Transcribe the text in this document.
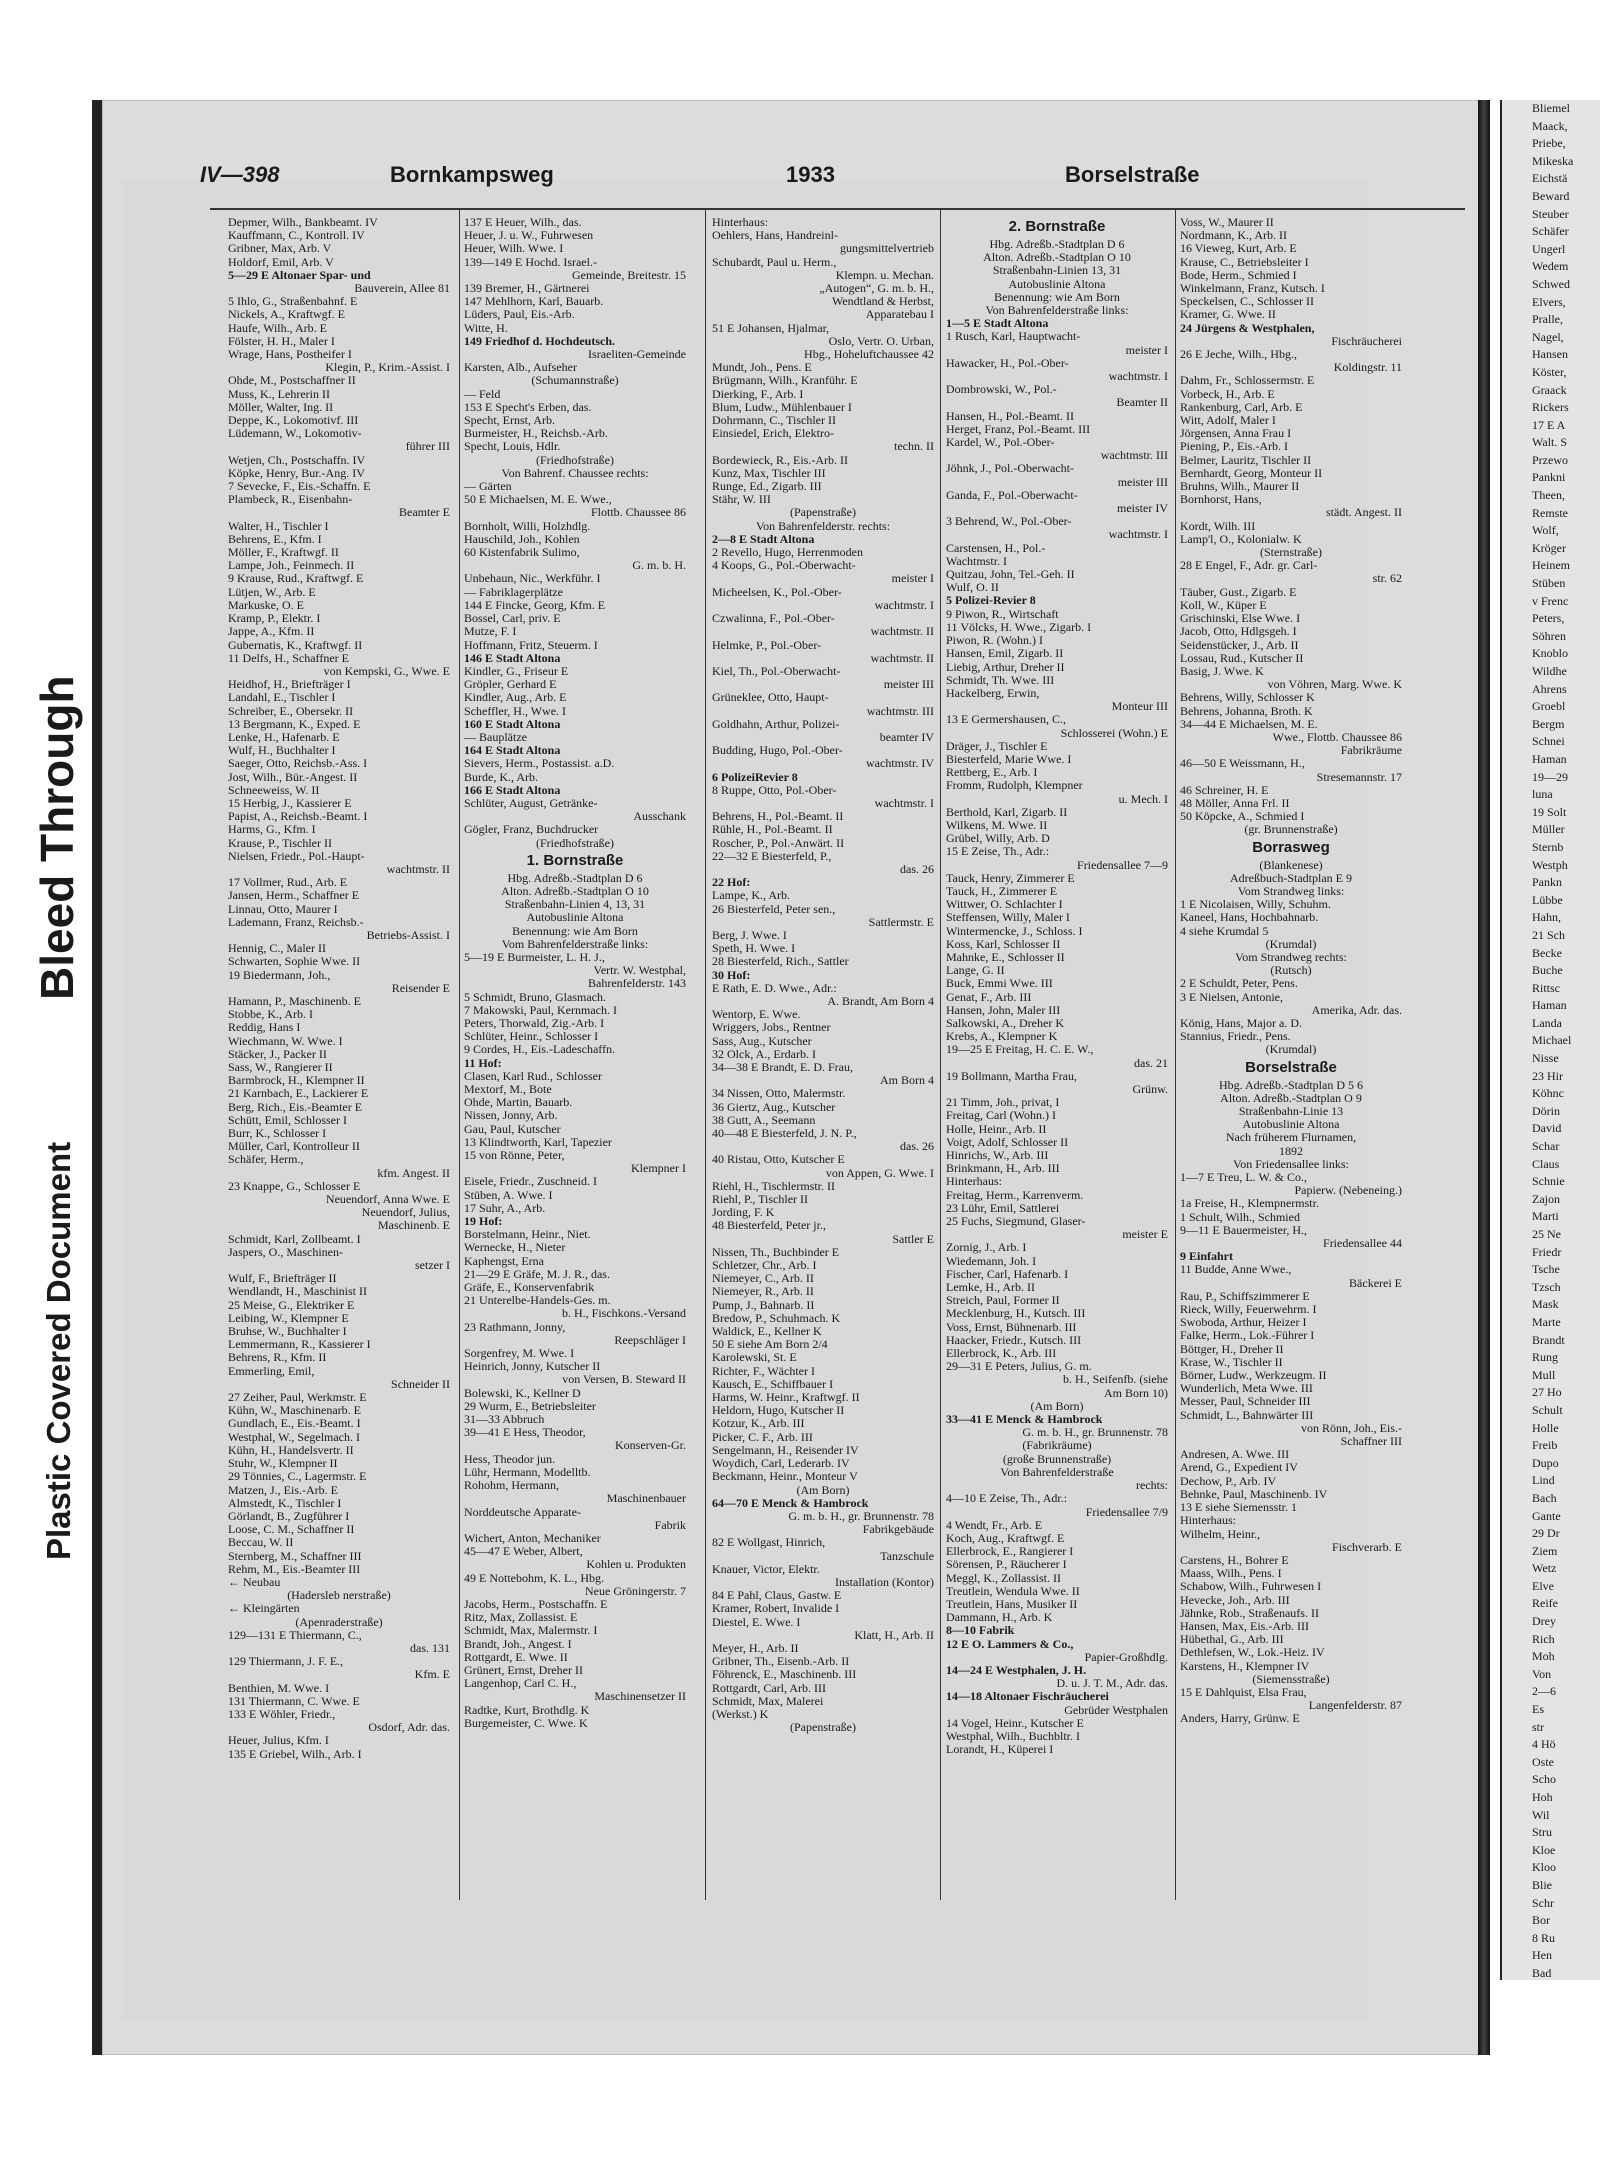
Plastic Covered Document
Bleed Through
Bliemel
Maack,
Priebe,
Mikeska
Eichstä
Beward
Steuber
Schäfer
Ungerl
Wedem
Schwed
Elvers,
Pralle,
Nagel,
Hansen
Köster,
Graack
Rickers
17 E A
Walt. S
Przewo
Pankni
Theen,
Remste
Wolf,
Kröger
Heinem
Stüben
v Frenc
Peters,
Söhren
Knoblo
Wildhe
Ahrens
Groebl
Bergm
Schnei
Haman
19—29
luna
19 Solt
Müller
Sternb
Westph
Pankn
Lübbe
Hahn,
21 Sch
Becke
Buche
Rittsc
Haman
Landa
Michael
Nisse
23 Hir
Köhnc
Dörin
David
Schar
Claus
Schnie
Zajon
Marti
25 Ne
Friedr
Tsche
Tzsch
Mask
Marte
Brandt
Rung
Mull
27 Ho
Schult
Holle
Freib
Dupo
Lind
Bach
Gante
29 Dr
Ziem
Wetz
Elve
Reife
Drey
Rich
Moh
Von
2—6
Es
str
4 Hö
Oste
Scho
Hoh
Wil
Stru
Kloe
Kloo
Blie
Schr
Bor
8 Ru
Hen
Bad
IV—398	Bornkampsweg	1933	Borselstraße
Depmer, Wilh., Bankbeamt. IV
Kauffmann, C., Kontroll. IV
Gribner, Max, Arb. V
Holdorf, Emil, Arb. V
5—29 E Altonaer Spar- und
Bauverein, Allee 81
5 Ihlo, G., Straßenbahnf. E
Nickels, A., Kraftwgf. E
Haufe, Wilh., Arb. E
Fölster, H. H., Maler I
Wrage, Hans, Postheifer I
Klegin, P., Krim.-Assist. I
Ohde, M., Postschaffner II
Muss, K., Lehrerin II
Möller, Walter, Ing. II
Deppe, K., Lokomotivf. III
Lüdemann, W., Lokomotiv-
führer III
Wetjen, Ch., Postschaffn. IV
Köpke, Henry, Bur.-Ang. IV
7 Sevecke, F., Eis.-Schaffn. E
Plambeck, R., Eisenbahn-
Beamter E
Walter, H., Tischler I
Behrens, E., Kfm. I
Möller, F., Kraftwgf. II
Lampe, Joh., Feinmech. II
9 Krause, Rud., Kraftwgf. E
Lütjen, W., Arb. E
Markuske, O. E
Kramp, P., Elektr. I
Jappe, A., Kfm. II
Gubernatis, K., Kraftwgf. II
11 Delfs, H., Schaffner E
von Kempski, G., Wwe. E
Heidhof, H., Briefträger I
Landahl, E., Tischler I
Schreiber, E., Obersekr. II
13 Bergmann, K., Exped. E
Lenke, H., Hafenarb. E
Wulf, H., Buchhalter I
Saeger, Otto, Reichsb.-Ass. I
Jost, Wilh., Bür.-Angest. II
Schneeweiss, W. II
15 Herbig, J., Kassierer E
Papist, A., Reichsb.-Beamt. I
Harms, G., Kfm. I
Krause, P., Tischler II
Nielsen, Friedr., Pol.-Haupt-
wachtmstr. II
17 Vollmer, Rud., Arb. E
Jansen, Herm., Schaffner E
Linnau, Otto, Maurer I
Lademann, Franz, Reichsb.-
Betriebs-Assist. I
Hennig, C., Maler II
Schwarten, Sophie Wwe. II
19 Biedermann, Joh.,
Reisender E
Hamann, P., Maschinenb. E
Stobbe, K., Arb. I
Reddig, Hans I
Wiechmann, W. Wwe. I
Stäcker, J., Packer II
Sass, W., Rangierer II
Barmbrock, H., Klempner II
21 Karnbach, E., Lackierer E
Berg, Rich., Eis.-Beamter E
Schütt, Emil, Schlosser I
Burr, K., Schlosser I
Müller, Carl, Kontrolleur II
Schäfer, Herm.,
kfm. Angest. II
23 Knappe, G., Schlosser E
Neuendorf, Anna Wwe. E
Neuendorf, Julius,
Maschinenb. E
Schmidt, Karl, Zollbeamt. I
Jaspers, O., Maschinen-
setzer I
Wulf, F., Briefträger II
Wendlandt, H., Maschinist II
25 Meise, G., Elektriker E
Leibing, W., Klempner E
Bruhse, W., Buchhalter I
Lemmermann, R., Kassierer I
Behrens, R., Kfm. II
Emmerling, Emil,
Schneider II
27 Zeiher, Paul, Werkmstr. E
Kühn, W., Maschinenarb. E
Gundlach, E., Eis.-Beamt. I
Westphal, W., Segelmach. I
Kühn, H., Handelsvertr. II
Stuhr, W., Klempner II
29 Tönnies, C., Lagermstr. E
Matzen, J., Eis.-Arb. E
Almstedt, K., Tischler I
Görlandt, B., Zugführer I
Loose, C. M., Schaffner II
Beccau, W. II
Sternberg, M., Schaffner III
Rehm, M., Eis.-Beamter III
← Neubau
(Hadersleb nerstraße)
← Kleingärten
(Apenraderstraße)
129—131 E Thiermann, C.,
das. 131
129 Thiermann, J. F. E.,
Kfm. E
Benthien, M. Wwe. I
131 Thiermann, C. Wwe. E
133 E Wöhler, Friedr.,
Osdorf, Adr. das.
Heuer, Julius, Kfm. I
135 E Griebel, Wilh., Arb. I
137 E Heuer, Wilh., das.
Heuer, J. u. W., Fuhrwesen
Heuer, Wilh. Wwe. I
139—149 E Hochd. Israel.-
Gemeinde, Breitestr. 15
139 Bremer, H., Gärtnerei
147 Mehlhorn, Karl, Bauarb.
Lüders, Paul, Eis.-Arb.
Witte, H.
149 Friedhof d. Hochdeutsch.
Israeliten-Gemeinde
Karsten, Alb., Aufseher
(Schumannstraße)
— Feld
153 E Specht's Erben, das.
Specht, Ernst, Arb.
Burmeister, H., Reichsb.-Arb.
Specht, Louis, Hdlr.
(Friedhofstraße)
Von Bahrenf. Chaussee rechts:
— Gärten
50 E Michaelsen, M. E. Wwe.,
Flottb. Chaussee 86
Bornholt, Willi, Holzhdlg.
Hauschild, Joh., Kohlen
60 Kistenfabrik Sulimo,
G. m. b. H.
Unbehaun, Nic., Werkführ. I
— Fabriklagerplätze
144 E Fincke, Georg, Kfm. E
Bossel, Carl, priv. E
Mutze, F. I
Hoffmann, Fritz, Steuerm. I
146 E Stadt Altona
Kindler, G., Friseur E
Gröpler, Gerhard E
Kindler, Aug., Arb. E
Scheffler, H., Wwe. I
160 E Stadt Altona
— Bauplätze
164 E Stadt Altona
Sievers, Herm., Postassist. a.D.
Burde, K., Arb.
166 E Stadt Altona
Schlüter, August, Getränke-
Ausschank
Gögler, Franz, Buchdrucker
(Friedhofstraße)
1. Bornstraße
Hbg. Adreßb.-Stadtplan D 6
Alton. Adreßb.-Stadtplan O 10
Straßenbahn-Linien 4, 13, 31
Autobuslinie Altona
Benennung: wie Am Born
Vom Bahrenfelderstraße links:
5—19 E Burmeister, L. H. J.,
Vertr. W. Westphal,
Bahrenfelderstr. 143
5 Schmidt, Bruno, Glasmach.
7 Makowski, Paul, Kernmach. I
Peters, Thorwald, Zig.-Arb. I
Schlüter, Heinr., Schlosser I
9 Cordes, H., Eis.-Ladeschaffn.
11 Hof:
Clasen, Karl Rud., Schlosser
Mextorf, M., Bote
Ohde, Martin, Bauarb.
Nissen, Jonny, Arb.
Gau, Paul, Kutscher
13 Klindtworth, Karl, Tapezier
15 von Rönne, Peter,
Klempner I
Eisele, Friedr., Zuschneid. I
Stüben, A. Wwe. I
17 Suhr, A., Arb.
19 Hof:
Borstelmann, Heinr., Niet.
Wernecke, H., Nieter
Kaphengst, Erna
21—29 E Gräfe, M. J. R., das.
Gräfe, E., Konservenfabrik
21 Unterelbe-Handels-Ges. m.
b. H., Fischkons.-Versand
23 Rathmann, Jonny,
Reepschläger I
Sorgenfrey, M. Wwe. I
Heinrich, Jonny, Kutscher II
von Versen, B. Steward II
Bolewski, K., Kellner D
29 Wurm, E., Betriebsleiter
31—33 Abbruch
39—41 E Hess, Theodor,
Konserven-Gr.
Hess, Theodor jun.
Lühr, Hermann, Modelltb.
Rohohm, Hermann,
Maschinenbauer
Norddeutsche Apparate-
Fabrik
Wichert, Anton, Mechaniker
45—47 E Weber, Albert,
Kohlen u. Produkten
49 E Nottebohm, K. L., Hbg.
Neue Gröningerstr. 7
Jacobs, Herm., Postschaffn. E
Ritz, Max, Zollassist. E
Schmidt, Max, Malermstr. I
Brandt, Joh., Angest. I
Rottgardt, E. Wwe. II
Grünert, Ernst, Dreher II
Langenhop, Carl C. H.,
Maschinensetzer II
Radtke, Kurt, Brothdlg. K
Burgemeister, C. Wwe. K
Hinterhaus:
Oehlers, Hans, Handreinl-
gungsmittelvertrieb
Schubardt, Paul u. Herm.,
Klempn. u. Mechan.
„Autogen“, G. m. b. H.,
Wendtland & Herbst,
Apparatebau I
51 E Johansen, Hjalmar,
Oslo, Vertr. O. Urban,
Hbg., Hoheluftchaussee 42
Mundt, Joh., Pens. E
Brügmann, Wilh., Kranführ. E
Dierking, F., Arb. I
Blum, Ludw., Mühlenbauer I
Dohrmann, C., Tischler II
Einsiedel, Erich, Elektro-
techn. II
Bordewieck, R., Eis.-Arb. II
Kunz, Max, Tischler III
Runge, Ed., Zigarb. III
Stähr, W. III
(Papenstraße)
Von Bahrenfelderstr. rechts:
2—8 E Stadt Altona
2 Revello, Hugo, Herrenmoden
4 Koops, G., Pol.-Oberwacht-
meister I
Micheelsen, K., Pol.-Ober-
wachtmstr. I
Czwalinna, F., Pol.-Ober-
wachtmstr. II
Helmke, P., Pol.-Ober-
wachtmstr. II
Kiel, Th., Pol.-Oberwacht-
meister III
Grüneklee, Otto, Haupt-
wachtmstr. III
Goldhahn, Arthur, Polizei-
beamter IV
Budding, Hugo, Pol.-Ober-
wachtmstr. IV
6 PolizeiRevier 8
8 Ruppe, Otto, Pol.-Ober-
wachtmstr. I
Behrens, H., Pol.-Beamt. II
Rühle, H., Pol.-Beamt. II
Roscher, P., Pol.-Anwärt. II
22—32 E Biesterfeld, P.,
das. 26
22 Hof:
Lampe, K., Arb.
26 Biesterfeld, Peter sen.,
Sattlermstr. E
Berg, J. Wwe. I
Speth, H. Wwe. I
28 Biesterfeld, Rich., Sattler
30 Hof:
E Rath, E. D. Wwe., Adr.:
A. Brandt, Am Born 4
Wentorp, E. Wwe.
Wriggers, Jobs., Rentner
Sass, Aug., Kutscher
32 Olck, A., Erdarb. I
34—38 E Brandt, E. D. Frau,
Am Born 4
34 Nissen, Otto, Malermstr.
36 Giertz, Aug., Kutscher
38 Gutt, A., Seemann
40—48 E Biesterfeld, J. N. P.,
das. 26
40 Ristau, Otto, Kutscher E
von Appen, G. Wwe. I
Riehl, H., Tischlermstr. II
Riehl, P., Tischler II
Jording, F. K
48 Biesterfeld, Peter jr.,
Sattler E
Nissen, Th., Buchbinder E
Schletzer, Chr., Arb. I
Niemeyer, C., Arb. II
Niemeyer, R., Arb. II
Pump, J., Bahnarb. II
Bredow, P., Schuhmach. K
Waldick, E., Kellner K
50 E siehe Am Born 2/4
Karolewski, St. E
Richter, F., Wächter I
Kausch, E., Schiffbauer I
Harms, W. Heinr., Kraftwgf. II
Heldorn, Hugo, Kutscher II
Kotzur, K., Arb. III
Picker, C. F., Arb. III
Sengelmann, H., Reisender IV
Woydich, Carl, Lederarb. IV
Beckmann, Heinr., Monteur V
(Am Born)
64—70 E Menck & Hambrock
G. m. b. H., gr. Brunnenstr. 78
Fabrikgebäude
82 E Wollgast, Hinrich,
Tanzschule
Knauer, Victor, Elektr.
Installation (Kontor)
84 E Pahl, Claus, Gastw. E
Kramer, Robert, Invalide I
Diestel, E. Wwe. I
Klatt, H., Arb. II
Meyer, H., Arb. II
Gribner, Th., Eisenb.-Arb. II
Föhrenck, E., Maschinenb. III
Rottgardt, Carl, Arb. III
Schmidt, Max, Malerei
(Werkst.) K
(Papenstraße)
2. Bornstraße
Hbg. Adreßb.-Stadtplan D 6
Alton. Adreßb.-Stadtplan O 10
Straßenbahn-Linien 13, 31
Autobuslinie Altona
Benennung: wie Am Born
Von Bahrenfelderstraße links:
1—5 E Stadt Altona
1 Rusch, Karl, Hauptwacht-
meister I
Hawacker, H., Pol.-Ober-
wachtmstr. I
Dombrowski, W., Pol.-
Beamter II
Hansen, H., Pol.-Beamt. II
Herget, Franz, Pol.-Beamt. III
Kardel, W., Pol.-Ober-
wachtmstr. III
Jöhnk, J., Pol.-Oberwacht-
meister III
Ganda, F., Pol.-Oberwacht-
meister IV
3 Behrend, W., Pol.-Ober-
wachtmstr. I
Carstensen, H., Pol.-
Wachtmstr. I
Quitzau, John, Tel.-Geh. II
Wulf, O. II
5 Polizei-Revier 8
9 Piwon, R., Wirtschaft
11 Völcks, H. Wwe., Zigarb. I
Piwon, R. (Wohn.) I
Hansen, Emil, Zigarb. II
Liebig, Arthur, Dreher II
Schmidt, Th. Wwe. III
Hackelberg, Erwin,
Monteur III
13 E Germershausen, C.,
Schlosserei (Wohn.) E
Dräger, J., Tischler E
Biesterfeld, Marie Wwe. I
Rettberg, E., Arb. I
Fromm, Rudolph, Klempner
u. Mech. I
Berthold, Karl, Zigarb. II
Wilkens, M. Wwe. II
Grübel, Willy, Arb. D
15 E Zeise, Th., Adr.:
Friedensallee 7—9
Tauck, Henry, Zimmerer E
Tauck, H., Zimmerer E
Wittwer, O. Schlachter I
Steffensen, Willy, Maler I
Wintermencke, J., Schloss. I
Koss, Karl, Schlosser II
Mahnke, E., Schlosser II
Lange, G. II
Buck, Emmi Wwe. III
Genat, F., Arb. III
Hansen, John, Maler III
Salkowski, A., Dreher K
Krebs, A., Klempner K
19—25 E Freitag, H. C. E. W.,
das. 21
19 Bollmann, Martha Frau,
Grünw.
21 Timm, Joh., privat, I
Freitag, Carl (Wohn.) I
Holle, Heinr., Arb. II
Voigt, Adolf, Schlosser II
Hinrichs, W., Arb. III
Brinkmann, H., Arb. III
Hinterhaus:
Freitag, Herm., Karrenverm.
23 Lühr, Emil, Sattlerei
25 Fuchs, Siegmund, Glaser-
meister E
Zornig, J., Arb. I
Wiedemann, Joh. I
Fischer, Carl, Hafenarb. I
Lemke, H., Arb. II
Streich, Paul, Former II
Mecklenburg, H., Kutsch. III
Voss, Ernst, Bühnenarb. III
Haacker, Friedr., Kutsch. III
Ellerbrock, K., Arb. III
29—31 E Peters, Julius, G. m.
b. H., Seifenfb. (siehe
Am Born 10)
(Am Born)
33—41 E Menck & Hambrock
G. m. b. H., gr. Brunnenstr. 78
(Fabrikräume)
(große Brunnenstraße)
Von Bahrenfelderstraße
rechts:
4—10 E Zeise, Th., Adr.:
Friedensallee 7/9
4 Wendt, Fr., Arb. E
Koch, Aug., Kraftwgf. E
Ellerbrock, E., Rangierer I
Sörensen, P., Räucherer I
Meggl, K., Zollassist. II
Treutlein, Wendula Wwe. II
Treutlein, Hans, Musiker II
Dammann, H., Arb. K
8—10 Fabrik
12 E O. Lammers & Co.,
Papier-Großhdlg.
14—24 E Westphalen, J. H.
D. u. J. T. M., Adr. das.
14—18 Altonaer Fischräucherei
Gebrüder Westphalen
14 Vogel, Heinr., Kutscher E
Westphal, Wilh., Buchbltr. I
Lorandt, H., Küperei I
Voss, W., Maurer II
Nordmann, K., Arb. II
16 Vieweg, Kurt, Arb. E
Krause, C., Betriebsleiter I
Bode, Herm., Schmied I
Winkelmann, Franz, Kutsch. I
Speckelsen, C., Schlosser II
Kramer, G. Wwe. II
24 Jürgens & Westphalen,
Fischräucherei
26 E Jeche, Wilh., Hbg.,
Koldingstr. 11
Dahm, Fr., Schlossermstr. E
Vorbeck, H., Arb. E
Rankenburg, Carl, Arb. E
Witt, Adolf, Maler I
Jörgensen, Anna Frau I
Piening, P., Eis.-Arb. I
Belmer, Lauritz, Tischler II
Bernhardt, Georg, Monteur II
Bruhns, Wilh., Maurer II
Bornhorst, Hans,
städt. Angest. II
Kordt, Wilh. III
Lamp'l, O., Kolonialw. K
(Sternstraße)
28 E Engel, F., Adr. gr. Carl-
str. 62
Täuber, Gust., Zigarb. E
Koll, W., Küper E
Grischinski, Else Wwe. I
Jacob, Otto, Hdlgsgeh. I
Seidenstücker, J., Arb. II
Lossau, Rud., Kutscher II
Basig, J. Wwe. K
von Vöhren, Marg. Wwe. K
Behrens, Willy, Schlosser K
Behrens, Johanna, Broth. K
34—44 E Michaelsen, M. E.
Wwe., Flottb. Chaussee 86
Fabrikräume
46—50 E Weissmann, H.,
Stresemannstr. 17
46 Schreiner, H. E
48 Möller, Anna Frl. II
50 Köpcke, A., Schmied I
(gr. Brunnenstraße)
Borrasweg
(Blankenese)
Adreßbuch-Stadtplan E 9
Vom Strandweg links:
1 E Nicolaisen, Willy, Schuhm.
Kaneel, Hans, Hochbahnarb.
4 siehe Krumdal 5
(Krumdal)
Vom Strandweg rechts:
(Rutsch)
2 E Schuldt, Peter, Pens.
3 E Nielsen, Antonie,
Amerika, Adr. das.
König, Hans, Major a. D.
Stannius, Friedr., Pens.
(Krumdal)
Borselstraße
Hbg. Adreßb.-Stadtplan D 5 6
Alton. Adreßb.-Stadtplan O 9
Straßenbahn-Linie 13
Autobuslinie Altona
Nach früherem Flurnamen,
1892
Von Friedensallee links:
1—7 E Treu, L. W. & Co.,
Papierw. (Nebeneing.)
1a Freise, H., Klempnermstr.
1 Schult, Wilh., Schmied
9—11 E Bauermeister, H.,
Friedensallee 44
9 Einfahrt
11 Budde, Anne Wwe.,
Bäckerei E
Rau, P., Schiffszimmerer E
Rieck, Willy, Feuerwehrm. I
Swoboda, Arthur, Heizer I
Falke, Herm., Lok.-Führer I
Böttger, H., Dreher II
Krase, W., Tischler II
Börner, Ludw., Werkzeugm. II
Wunderlich, Meta Wwe. III
Messer, Paul, Schneider III
Schmidt, L., Bahnwärter III
von Rönn, Joh., Eis.-
Schaffner III
Andresen, A. Wwe. III
Arend, G., Expedient IV
Dechow, P., Arb. IV
Behnke, Paul, Maschinenb. IV
13 E siehe Siemensstr. 1
Hinterhaus:
Wilhelm, Heinr.,
Fischverarb. E
Carstens, H., Bohrer E
Maass, Wilh., Pens. I
Schabow, Wilh., Fuhrwesen I
Hevecke, Joh., Arb. III
Jähnke, Rob., Straßenaufs. II
Hansen, Max, Eis.-Arb. III
Hübethal, G., Arb. III
Dethlefsen, W., Lok.-Heiz. IV
Karstens, H., Klempner IV
(Siemensstraße)
15 E Dahlquist, Elsa Frau,
Langenfelderstr. 87
Anders, Harry, Grünw. E
